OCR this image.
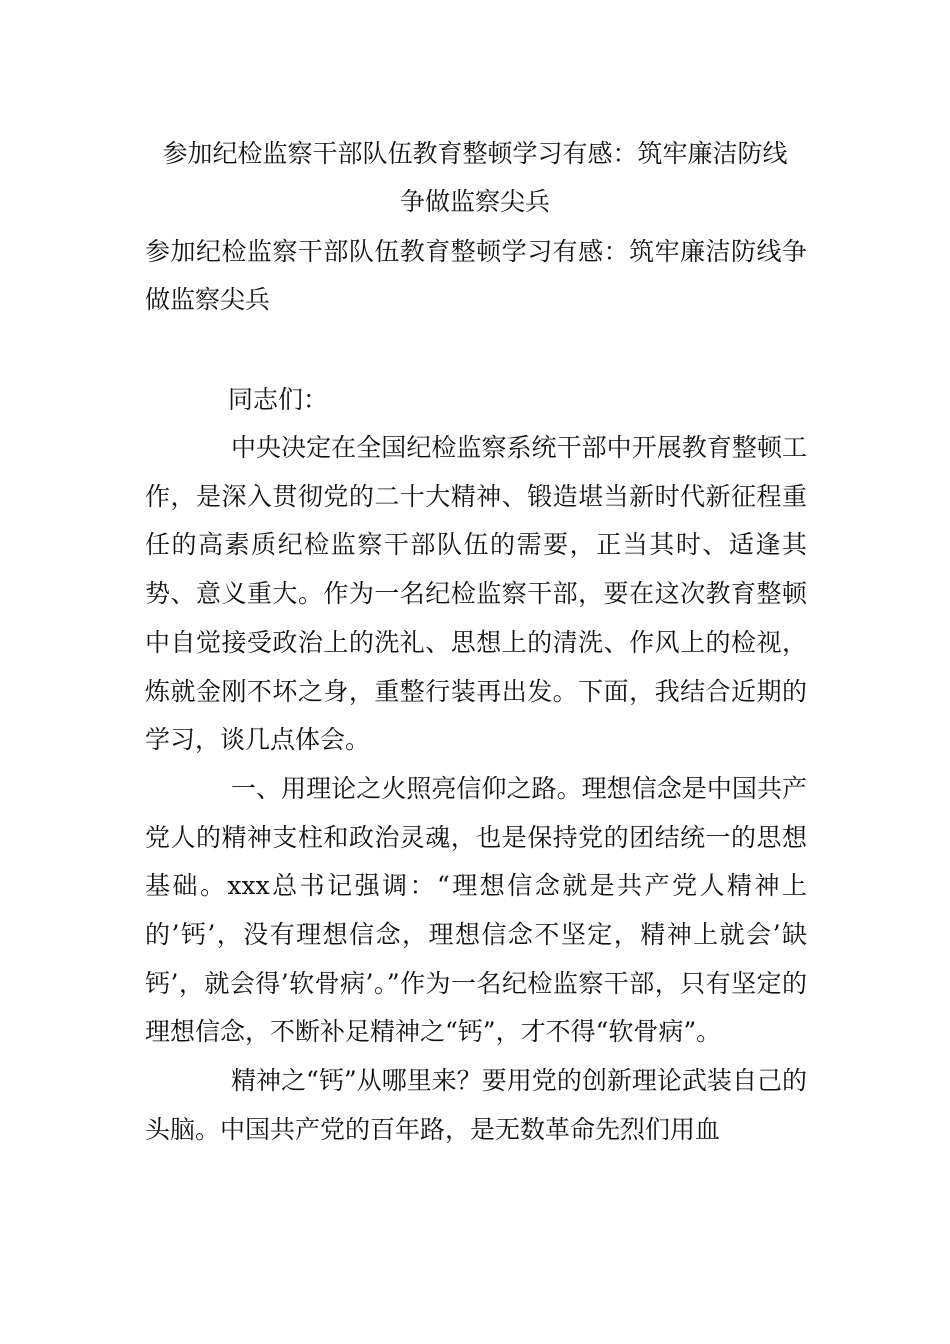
参加纪检监察干部队伍教育整顿学习有感：筑牢廉洁防线
争做监察尖兵
参加纪检监察干部队伍教育整顿学习有感：筑牢廉洁防线争做监察尖兵
同志们：

中央决定在全国纪检监察系统干部中开展教育整顿工作，是深入贯彻党的二十大精神、锻造堪当新时代新征程重任的高素质纪检监察干部队伍的需要，正当其时、适逢其势、意义重大。作为一名纪检监察干部，要在这次教育整顿中自觉接受政治上的洗礼、思想上的清洗、作风上的检视，炼就金刚不坏之身，重整行装再出发。下面，我结合近期的学习，谈几点体会。

一、用理论之火照亮信仰之路。理想信念是中国共产党人的精神支柱和政治灵魂，也是保持党的团结统一的思想基础。xxx总书记强调：“理想信念就是共产党人精神上的’钙’，没有理想信念，理想信念不坚定，精神上就会’缺钙’，就会得’软骨病’。”作为一名纪检监察干部，只有坚定的理想信念，不断补足精神之“钙”，才不得“软骨病”。

精神之“钙”从哪里来？要用党的创新理论武装自己的头脑。中国共产党的百年路，是无数革命先烈们用血
